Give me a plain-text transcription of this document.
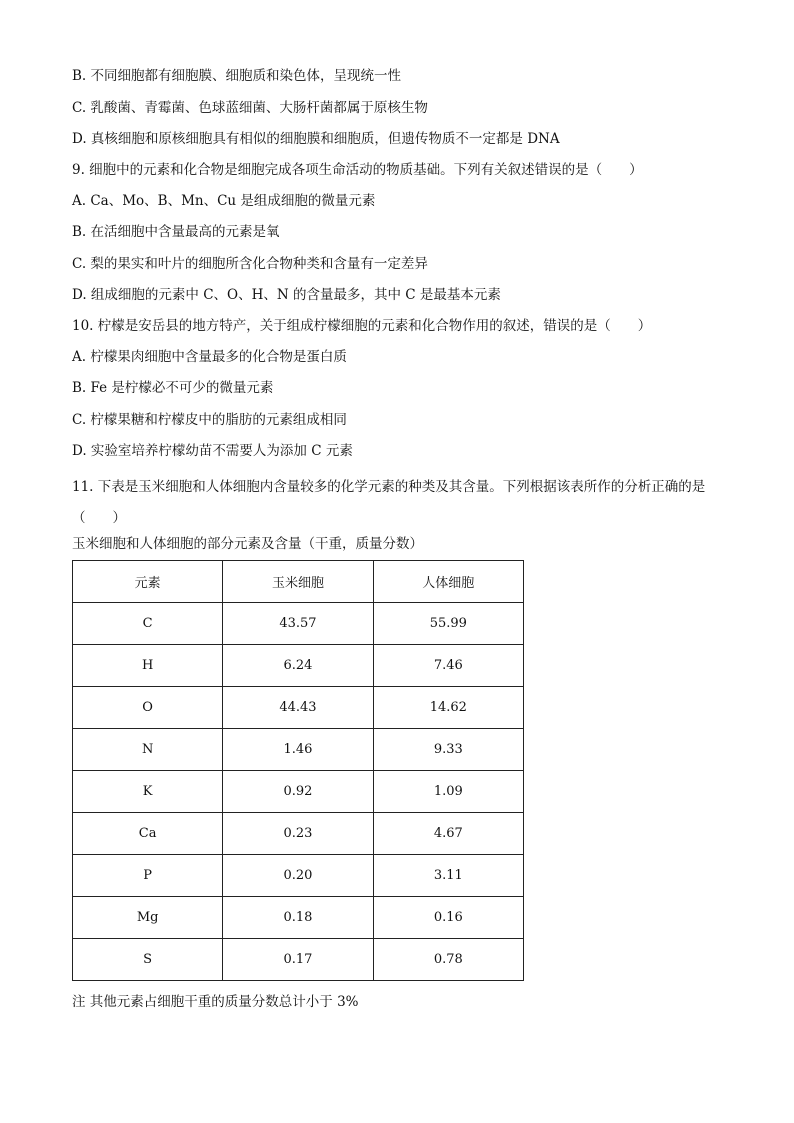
B. 不同细胞都有细胞膜、细胞质和染色体，呈现统一性
C. 乳酸菌、青霉菌、色球蓝细菌、大肠杆菌都属于原核生物
D. 真核细胞和原核细胞具有相似的细胞膜和细胞质，但遗传物质不一定都是 DNA
9. 细胞中的元素和化合物是细胞完成各项生命活动的物质基础。下列有关叙述错误的是（　　）
A. Ca、Mo、B、Mn、Cu 是组成细胞的微量元素
B. 在活细胞中含量最高的元素是氧
C. 梨的果实和叶片的细胞所含化合物种类和含量有一定差异
D. 组成细胞的元素中 C、O、H、N 的含量最多，其中 C 是最基本元素
10. 柠檬是安岳县的地方特产，关于组成柠檬细胞的元素和化合物作用的叙述，错误的是（　　）
A. 柠檬果肉细胞中含量最多的化合物是蛋白质
B. Fe 是柠檬必不可少的微量元素
C. 柠檬果糖和柠檬皮中的脂肪的元素组成相同
D. 实验室培养柠檬幼苗不需要人为添加 C 元素
11. 下表是玉米细胞和人体细胞内含量较多的化学元素的种类及其含量。下列根据该表所作的分析正确的是（　　）
玉米细胞和人体细胞的部分元素及含量（干重，质量分数）
元素	玉米细胞	人体细胞
C	43.57	55.99
H	6.24	7.46
O	44.43	14.62
N	1.46	9.33
K	0.92	1.09
Ca	0.23	4.67
P	0.20	3.11
Mg	0.18	0.16
S	0.17	0.78
注 其他元素占细胞干重的质量分数总计小于 3%
